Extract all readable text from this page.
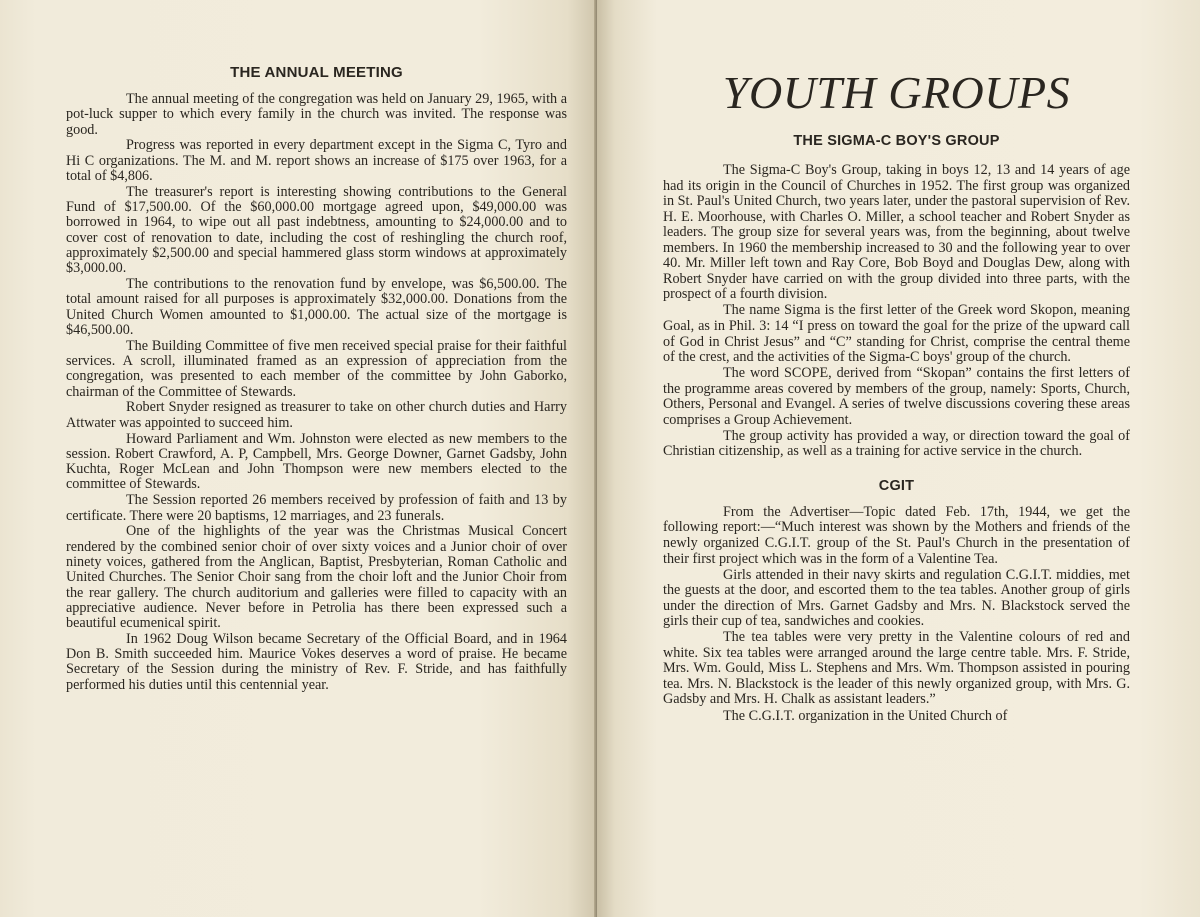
THE ANNUAL MEETING

The annual meeting of the congregation was held on January 29, 1965, with a pot-luck supper to which every family in the church was invited. The response was good.

Progress was reported in every department except in the Sigma C, Tyro and Hi C organizations. The M. and M. report shows an increase of $175 over 1963, for a total of $4,806.

The treasurer's report is interesting showing contributions to the General Fund of $17,500.00. Of the $60,000.00 mortgage agreed upon, $49,000.00 was borrowed in 1964, to wipe out all past indebtness, amounting to $24,000.00 and to cover cost of renovation to date, including the cost of reshingling the church roof, approximately $2,500.00 and special hammered glass storm windows at approximately $3,000.00.

The contributions to the renovation fund by envelope, was $6,500.00. The total amount raised for all purposes is approximately $32,000.00. Donations from the United Church Women amounted to $1,000.00. The actual size of the mortgage is $46,500.00.

The Building Committee of five men received special praise for their faithful services. A scroll, illuminated framed as an expression of appreciation from the congregation, was presented to each member of the committee by John Gaborko, chairman of the Committee of Stewards.

Robert Snyder resigned as treasurer to take on other church duties and Harry Attwater was appointed to succeed him.

Howard Parliament and Wm. Johnston were elected as new members to the session. Robert Crawford, A. P, Campbell, Mrs. George Downer, Garnet Gadsby, John Kuchta, Roger McLean and John Thompson were new members elected to the committee of Stewards.

The Session reported 26 members received by profession of faith and 13 by certificate. There were 20 baptisms, 12 marriages, and 23 funerals.

One of the highlights of the year was the Christmas Musical Concert rendered by the combined senior choir of over sixty voices and a Junior choir of over ninety voices, gathered from the Anglican, Baptist, Presbyterian, Roman Catholic and United Churches. The Senior Choir sang from the choir loft and the Junior Choir from the rear gallery. The church auditorium and galleries were filled to capacity with an appreciative audience. Never before in Petrolia has there been expressed such a beautiful ecumenical spirit.

In 1962 Doug Wilson became Secretary of the Official Board, and in 1964 Don B. Smith succeeded him. Maurice Vokes deserves a word of praise. He became Secretary of the Session during the ministry of Rev. F. Stride, and has faithfully performed his duties until this centennial year.

YOUTH GROUPS
THE SIGMA-C BOY'S GROUP

The Sigma-C Boy's Group, taking in boys 12, 13 and 14 years of age had its origin in the Council of Churches in 1952. The first group was organized in St. Paul's United Church, two years later, under the pastoral supervision of Rev. H. E. Moorhouse, with Charles O. Miller, a school teacher and Robert Snyder as leaders. The group size for several years was, from the beginning, about twelve members. In 1960 the membership increased to 30 and the following year to over 40. Mr. Miller left town and Ray Core, Bob Boyd and Douglas Dew, along with Robert Snyder have carried on with the group divided into three parts, with the prospect of a fourth division.

The name Sigma is the first letter of the Greek word Skopon, meaning Goal, as in Phil. 3: 14 “I press on toward the goal for the prize of the upward call of God in Christ Jesus” and “C” standing for Christ, comprise the central theme of the crest, and the activities of the Sigma-C boys' group of the church.

The word SCOPE, derived from “Skopan” contains the first letters of the programme areas covered by members of the group, namely: Sports, Church, Others, Personal and Evangel. A series of twelve discussions covering these areas comprises a Group Achievement.

The group activity has provided a way, or direction toward the goal of Christian citizenship, as well as a training for active service in the church.

CGIT

From the Advertiser—Topic dated Feb. 17th, 1944, we get the following report:—“Much interest was shown by the Mothers and friends of the newly organized C.G.I.T. group of the St. Paul's Church in the presentation of their first project which was in the form of a Valentine Tea.

Girls attended in their navy skirts and regulation C.G.I.T. middies, met the guests at the door, and escorted them to the tea tables. Another group of girls under the direction of Mrs. Garnet Gadsby and Mrs. N. Blackstock served the girls their cup of tea, sandwiches and cookies.

The tea tables were very pretty in the Valentine colours of red and white. Six tea tables were arranged around the large centre table. Mrs. F. Stride, Mrs. Wm. Gould, Miss L. Stephens and Mrs. Wm. Thompson assisted in pouring tea. Mrs. N. Blackstock is the leader of this newly organized group, with Mrs. G. Gadsby and Mrs. H. Chalk as assistant leaders.”

The C.G.I.T. organization in the United Church of
